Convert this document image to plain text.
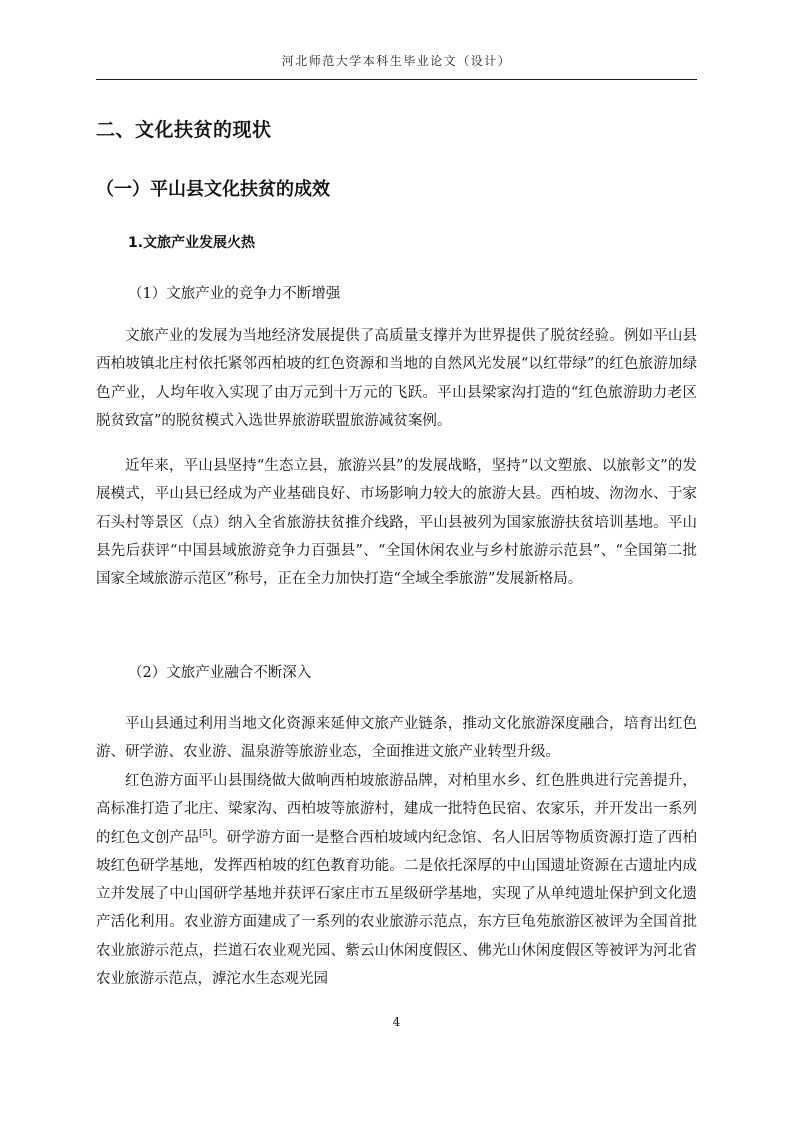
河北师范大学本科生毕业论文（设计）
二、文化扶贫的现状
（一）平山县文化扶贫的成效
1.文旅产业发展火热
（1）文旅产业的竞争力不断增强

文旅产业的发展为当地经济发展提供了高质量支撑并为世界提供了脱贫经验。例如平山县西柏坡镇北庄村依托紧邻西柏坡的红色资源和当地的自然风光发展“以红带绿”的红色旅游加绿色产业，人均年收入实现了由万元到十万元的飞跃。平山县梁家沟打造的“红色旅游助力老区脱贫致富”的脱贫模式入选世界旅游联盟旅游减贫案例。

近年来，平山县坚持“生态立县，旅游兴县”的发展战略，坚持“以文塑旅、以旅彰文”的发展模式，平山县已经成为产业基础良好、市场影响力较大的旅游大县。西柏坡、沕沕水、于家石头村等景区（点）纳入全省旅游扶贫推介线路，平山县被列为国家旅游扶贫培训基地。平山县先后获评“中国县域旅游竞争力百强县”、“全国休闲农业与乡村旅游示范县”、“全国第二批国家全域旅游示范区”称号，正在全力加快打造“全域全季旅游”发展新格局。

（2）文旅产业融合不断深入

平山县通过利用当地文化资源来延伸文旅产业链条，推动文化旅游深度融合，培育出红色游、研学游、农业游、温泉游等旅游业态，全面推进文旅产业转型升级。

红色游方面平山县围绕做大做响西柏坡旅游品牌，对柏里水乡、红色胜典进行完善提升，高标准打造了北庄、梁家沟、西柏坡等旅游村，建成一批特色民宿、农家乐，并开发出一系列的红色文创产品[5]。研学游方面一是整合西柏坡域内纪念馆、名人旧居等物质资源打造了西柏坡红色研学基地，发挥西柏坡的红色教育功能。二是依托深厚的中山国遗址资源在古遗址内成立并发展了中山国研学基地并获评石家庄市五星级研学基地，实现了从单纯遗址保护到文化遗产活化利用。农业游方面建成了一系列的农业旅游示范点，东方巨龟苑旅游区被评为全国首批农业旅游示范点，拦道石农业观光园、紫云山休闲度假区、佛光山休闲度假区等被评为河北省农业旅游示范点，滹沱水生态观光园

4
